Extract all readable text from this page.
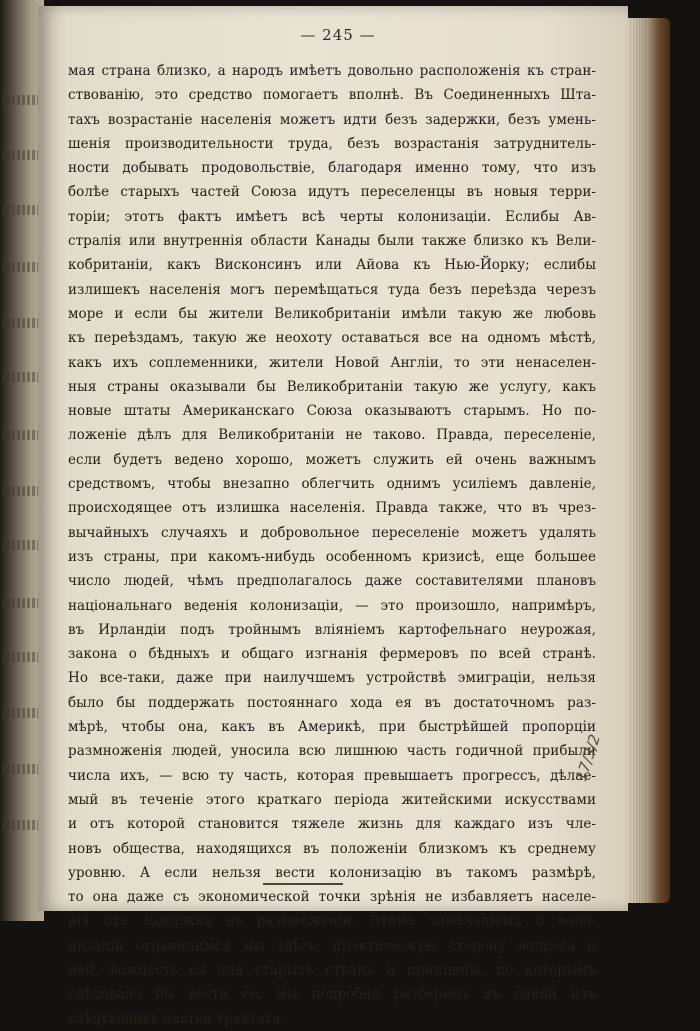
— 245 —
мая страна близко, а народъ имѣетъ довольно расположенія къ стран-
ствованію, это средство помогаетъ вполнѣ. Въ Соединенныхъ Шта-
тахъ возрастаніе населенія можетъ идти безъ задержки, безъ умень-
шенія производительности труда, безъ возрастанія затруднитель-
ности добывать продовольствіе, благодаря именно тому, что изъ
болѣе старыхъ частей Союза идутъ переселенцы въ новыя терри-
торіи; этотъ фактъ имѣетъ всѣ черты колонизаціи. Еслибы Ав-
стралія или внутреннія области Канады были также близко къ Вели-
кобританіи, какъ Висконсинъ или Айова къ Нью-Йорку; еслибы
излишекъ населенія могъ перемѣщаться туда безъ переѣзда черезъ
море и если бы жители Великобританіи имѣли такую же любовь
къ переѣздамъ, такую же неохоту оставаться все на одномъ мѣстѣ,
какъ ихъ соплеменники, жители Новой Англіи, то эти ненаселен-
ныя страны оказывали бы Великобританіи такую же услугу, какъ
новые штаты Американскаго Союза оказываютъ старымъ. Но по-
ложеніе дѣлъ для Великобританіи не таково. Правда, переселеніе,
если будетъ ведено хорошо, можетъ служить ей очень важнымъ
средствомъ, чтобы внезапно облегчить однимъ усиліемъ давленіе,
происходящее отъ излишка населенія. Правда также, что въ чрез-
вычайныхъ случаяхъ и добровольное переселеніе можетъ удалять
изъ страны, при какомъ-нибудь особенномъ кризисѣ, еще большее
число людей, чѣмъ предполагалось даже составителями плановъ
національнаго веденія колонизаціи, — это произошло, напримѣръ,
въ Ирландіи подъ тройнымъ вліяніемъ картофельнаго неурожая,
закона о бѣдныхъ и общаго изгнанія фермеровъ по всей странѣ.
Но все-таки, даже при наилучшемъ устройствѣ эмиграціи, нельзя
было бы поддержать постояннаго хода ея въ достаточномъ раз-
мѣрѣ, чтобы она, какъ въ Америкѣ, при быстрѣйшей пропорціи
размноженія людей, уносила всю лишнюю часть годичной прибыли
числа ихъ, — всю ту часть, которая превышаетъ прогрессъ, дѣлае-
мый въ теченіе этого краткаго періода житейскими искусствами
и отъ которой становится тяжеле жизнь для каждаго изъ чле-
новъ общества, находящихся въ положеніи близкомъ къ среднему
уровню. А если нельзя вести колонизацію въ такомъ размѣрѣ,
то она даже съ экономической точки зрѣнія не избавляетъ населе-
нія отъ задержки въ размноженіи. Этимъ замѣчаніемъ о коло-
низаціи ограничимся мы здѣсь; практическую сторону вопроса о
ней, важность ея для старыхъ странъ и принципы, по которымъ
слѣдовало бы вести ее, мы подробно разберемъ въ одной изъ
слѣдующихъ частей трактата.
17/3/2
